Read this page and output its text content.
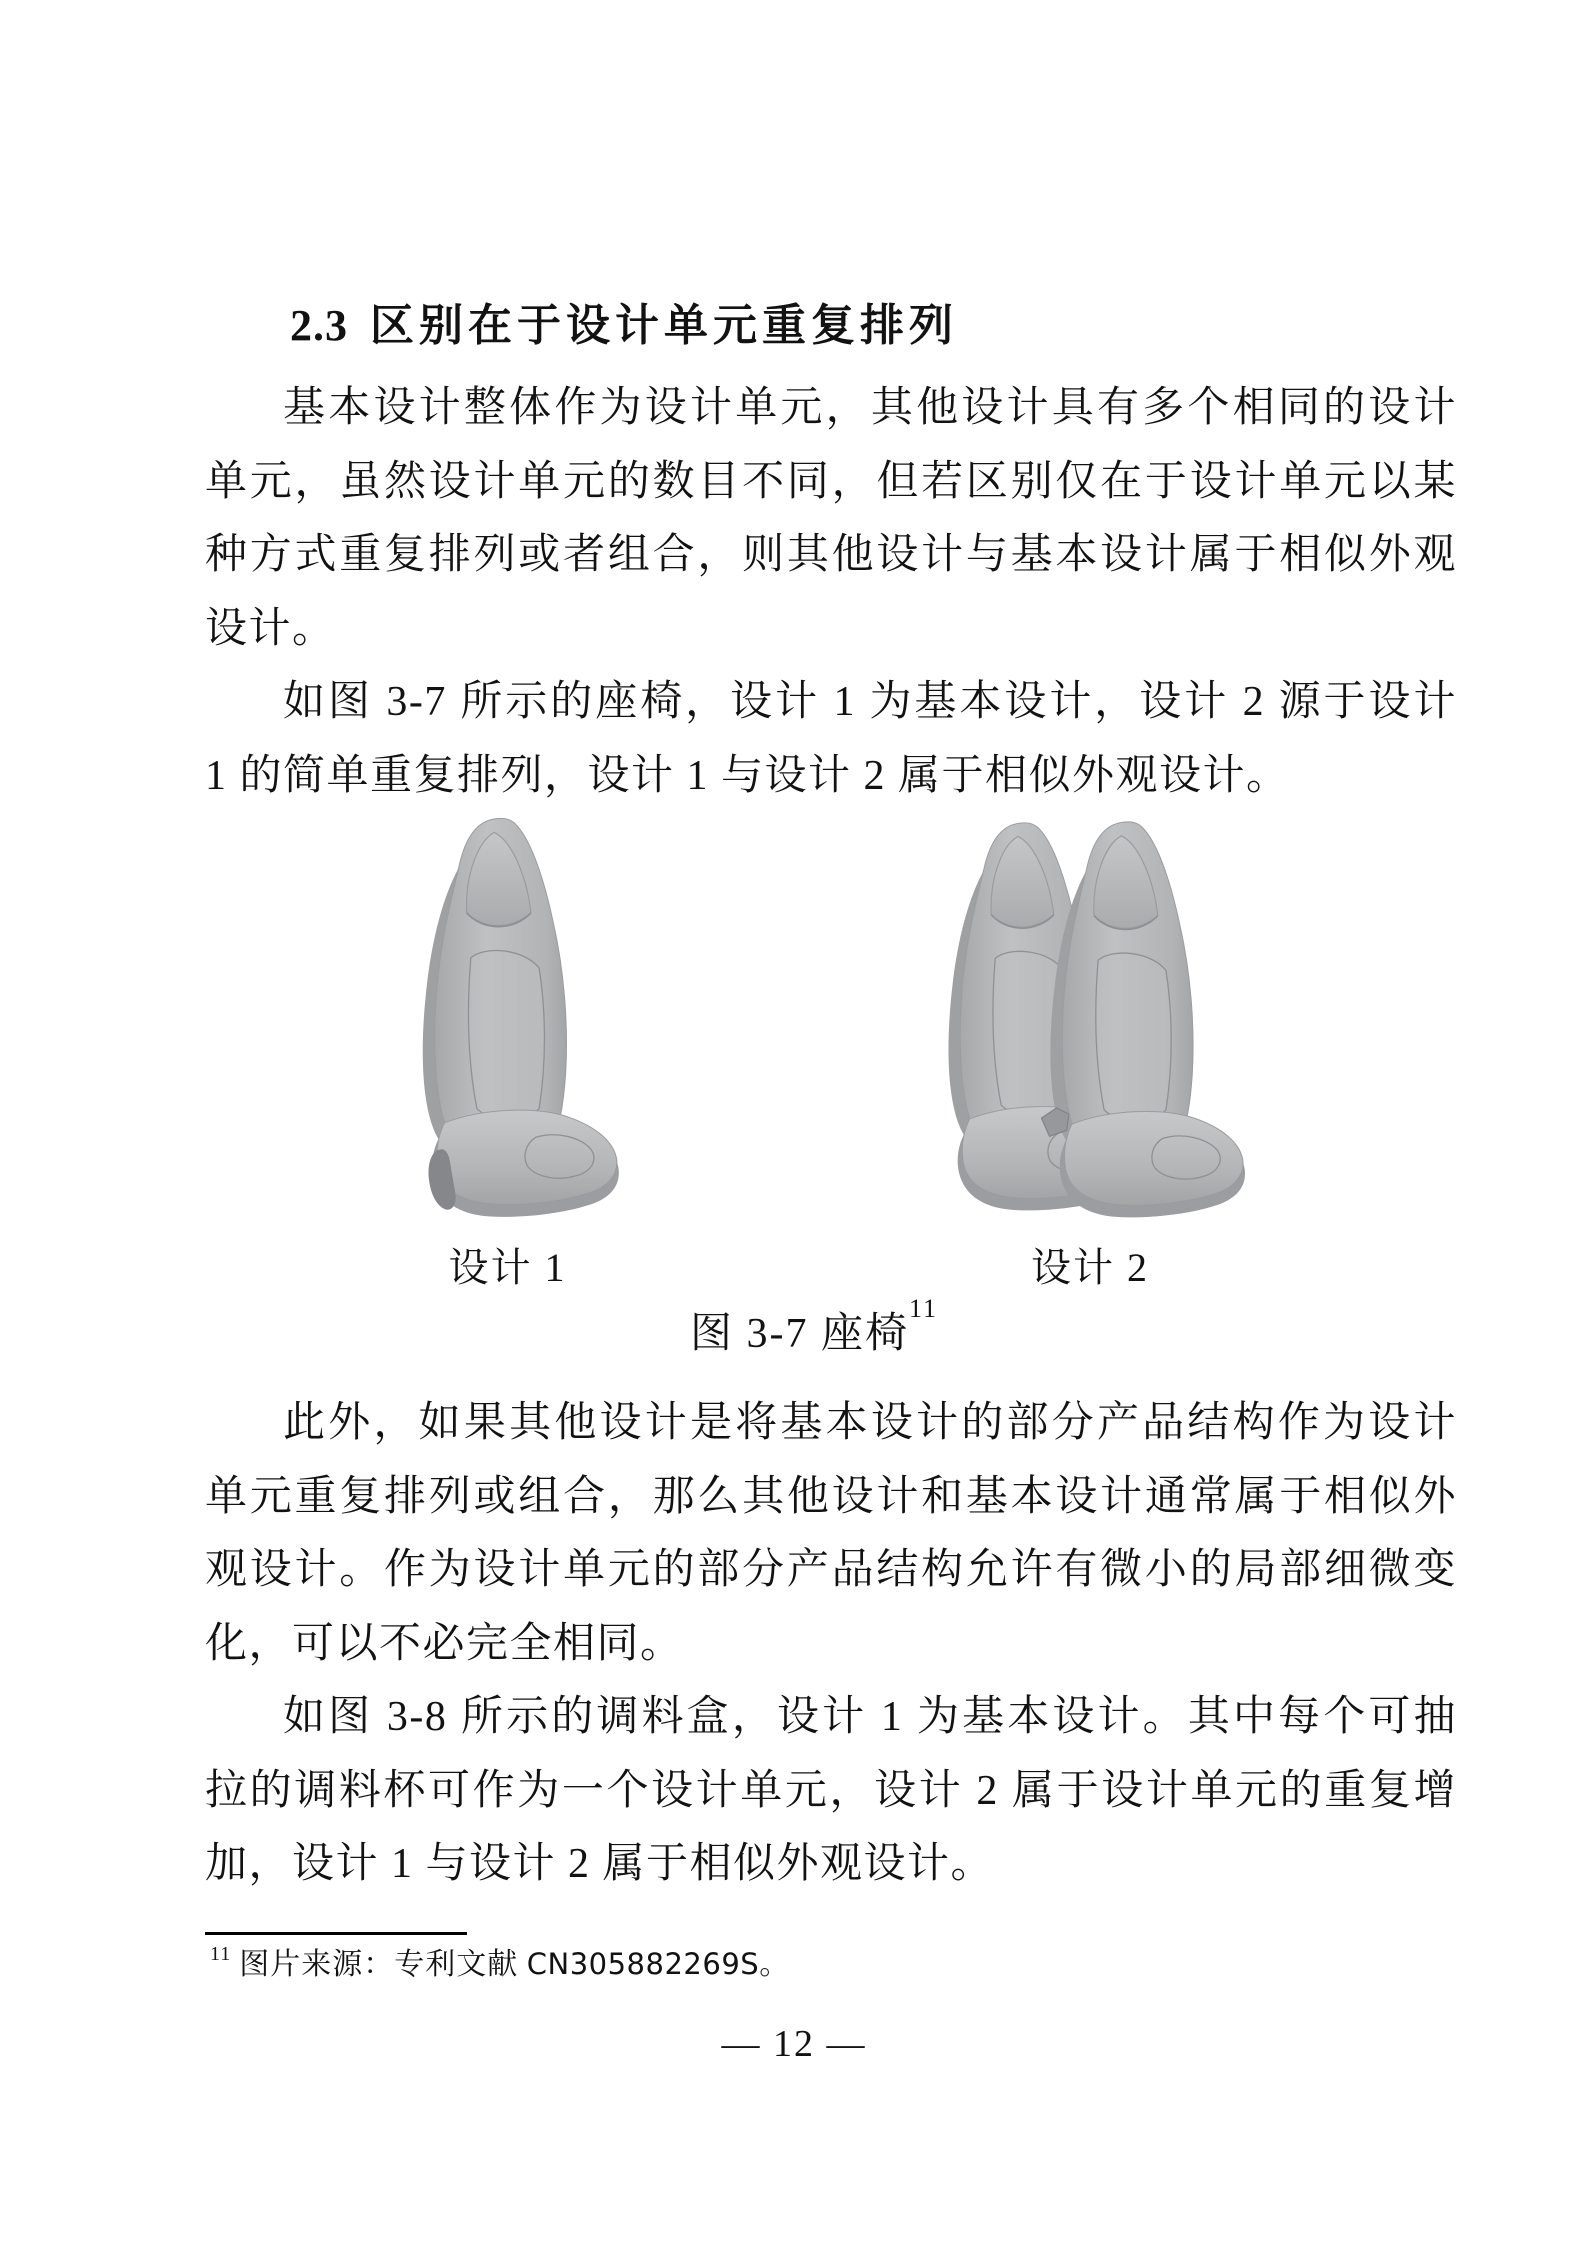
2.3 区别在于设计单元重复排列
基本设计整体作为设计单元，其他设计具有多个相同的设计
单元，虽然设计单元的数目不同，但若区别仅在于设计单元以某
种方式重复排列或者组合，则其他设计与基本设计属于相似外观
设计。
如图 3-7 所示的座椅，设计 1 为基本设计，设计 2 源于设计
1 的简单重复排列，设计 1 与设计 2 属于相似外观设计。
设计 1	设计 2
图 3-7 座椅$^{11}$
此外，如果其他设计是将基本设计的部分产品结构作为设计
单元重复排列或组合，那么其他设计和基本设计通常属于相似外
观设计。作为设计单元的部分产品结构允许有微小的局部细微变
化，可以不必完全相同。
如图 3-8 所示的调料盒，设计 1 为基本设计。其中每个可抽
拉的调料杯可作为一个设计单元，设计 2 属于设计单元的重复增
加，设计 1 与设计 2 属于相似外观设计。
$^{11}$ 图片来源：专利文献 CN305882269S。
— 12 —
